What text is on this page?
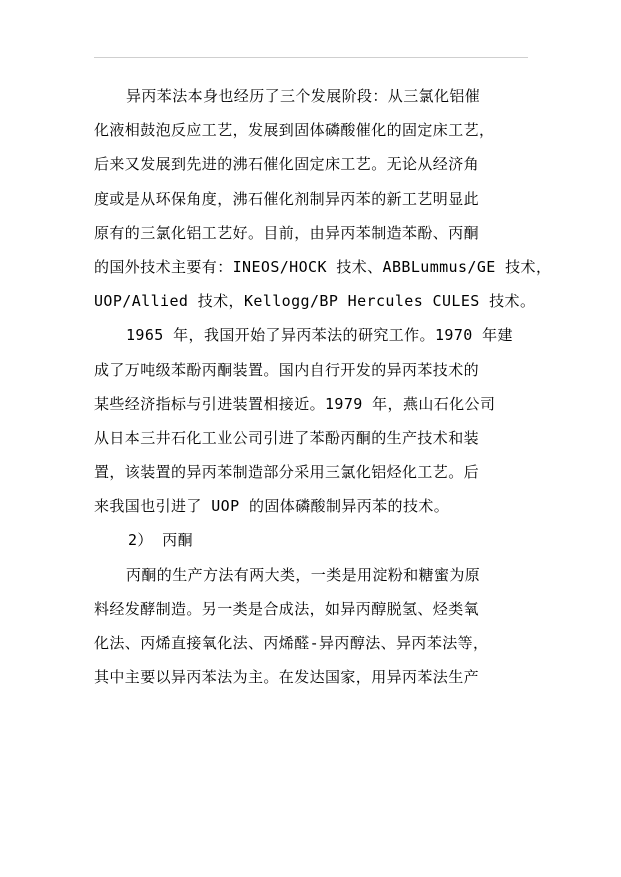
异丙苯法本身也经历了三个发展阶段：从三氯化铝催
化液相鼓泡反应工艺，发展到固体磷酸催化的固定床工艺，
后来又发展到先进的沸石催化固定床工艺。无论从经济角
度或是从环保角度，沸石催化剂制异丙苯的新工艺明显此
原有的三氯化铝工艺好。目前，由异丙苯制造苯酚、丙酮
的国外技术主要有：INEOS/HOCK 技术、ABBLummus/GE 技术，
UOP/Allied 技术，Kellogg/BP Hercules CULES 技术。
1965 年，我国开始了异丙苯法的研究工作。1970 年建
成了万吨级苯酚丙酮装置。国内自行开发的异丙苯技术的
某些经济指标与引进装置相接近。1979 年，燕山石化公司
从日本三井石化工业公司引进了苯酚丙酮的生产技术和装
置，该装置的异丙苯制造部分采用三氯化铝烃化工艺。后
来我国也引进了 UOP 的固体磷酸制异丙苯的技术。
2） 丙酮
丙酮的生产方法有两大类，一类是用淀粉和糖蜜为原
料经发酵制造。另一类是合成法，如异丙醇脱氢、烃类氧
化法、丙烯直接氧化法、丙烯醛-异丙醇法、异丙苯法等，
其中主要以异丙苯法为主。在发达国家，用异丙苯法生产
